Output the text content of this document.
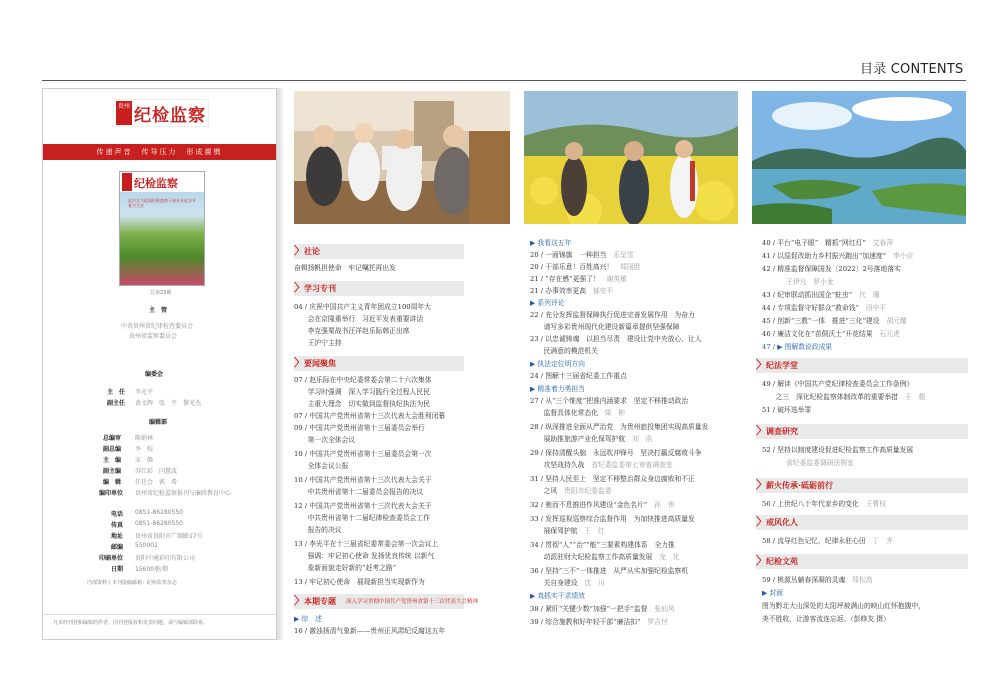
目录 CONTENTS
贵州 纪检监察
传递声音　传导压力　形成震慑
纪检监察
返兴全力提高纪检监察干部专业化水平 复兴大业
总第23期
主　管
中共贵州省纪律检查委员会
贵州省监察委员会
编委会
主　任 李光平
副主任 黄文辉　张　平　黎光杰
编辑部
总编审 陈娟林
副总编 李　校
主　编 宋　静
副主编 苏红彩　闫慧波
编　辑 任廷会　郭　希
编印单位 贵州省纪检监察报刊与廉政教育中心
电话 0851-86280550
传真 0851-86280550
地址 贵州省贵阳市广顺路17号
邮编 550002
印刷单位 贵阳中通彩印有限公司
日期 15600册/期
内部资料 / 本刊投稿邮箱：纪检监察杂志
凡未经刊登和编辑的作者，因刊登版权和发表问题，请与编辑部联系。
〉 社论
奋楫扬帆担使命　牢记嘱托再出发
〉 学习专刊
04 / 庆祝中国共产主义青年团成立100周年大
　　会在京隆重举行　习近平发表重要讲话
　　李克强栗战书汪洋赵乐际韩正出席
　　王沪宁主持
〉 要闻聚焦
07 / 赵乐际在中央纪委常委会第二十六次集体
　　学习时强调　深入学习践行全过程人民民
　　主重大理念　切实做到监督执纪执法为民
07 / 中国共产党贵州省第十三次代表大会胜利闭幕
09 / 中国共产党贵州省第十三届委员会举行
　　第一次全体会议
10 / 中国共产党贵州省第十三届委员会第一次
　　全体会议公报
10 / 中国共产党贵州省第十三次代表大会关于
　　中共贵州省第十二届委员会报告的决议
12 / 中国共产党贵州省第十三次代表大会关于
　　中共贵州省第十二届纪律检查委员会工作
　　报告的决议
13 / 李光平在十三届省纪委常委会第一次会议上
　　强调：牢记初心使命 发扬优良传统 以新气
　　象新面貌走好新的“赶考之路”
13 / 牢记初心使命　展现新担当实现新作为
〉 本期专题 深入学习贯彻中国共产党贵州省第十三次代表大会精神
▶ 综　述
16 / 激浊扬清气象新——贵州正风肃纪反腐这五年
▶ 我看这五年
20 / 一面锦旗　一种担当　 乐呈雪
20 / 干部乐意！百姓高兴！　 郑国胜
21 / “存在感”更强了！　 谢英敏
21 / 办事效率更高　 郁安平
▶ 系列评论
22 / 充分发挥监督保障执行促进完善发展作用　为奋力
　　谱写多彩贵州现代化建设新篇章提供坚强保障
23 / 以忠诚铸魂　以担当尽责　建设让党中央放心、让人
　　民满意的模范机关
▶ 执法定位明方向
24 / 图解十三届省纪委工作重点
▶ 精准着力勇担当
27 / 从“三个维度”把准内涵要求　坚定不移推动政治
　　监督具体化常态化　 梁　彬
28 / 纵深推进全面从严治党　为贵州旅投集团实现高质量发
　　展助推旅游产业化保驾护航　 刘　浩
29 / 保持清醒头脑　永远吹冲锋号　坚决打赢反腐败斗争
　　攻坚战持久战　 省纪委监委第七审查调查室
31 / 坚持人民至上　坚定不移整治群众身边腐败和不正
　　之风　 贵阳市纪委监委
32 / 驰而不息推进作风建设“金色名片”　 孙　伟
33 / 发挥巡视巡察综合监督作用　为加快推进高质量发
　　展保驾护航　 王　红
34 / 贯彻“人”“治”“能”三要素构建体系　全力推
　　动派驻财大纪检监察工作高质量发展　 龙　化
36 / 坚持“三不”一体推进　从严从实加强纪检监察机
　　关自身建设　 沈　川
▶ 真抓实干求绩效
38 / 紧盯“关键少数”加强“一把手”监督　 张仙凤
39 / 综合施教和好年轻干部“廉洁扣”　 罗吉付
40 / 平台“电子眼”　精抓“网红灯”　 艾春萍
41 / 以巡促改助力乡村振兴跑出“加速度”　 李小应
42 / 精准监督保障国发〔2022〕2号落地落实
王伊凡　罗小龙
43 / 纪审联动抓出国企“蛀虫”　 代　珊
44 / 专项监督守好群众“救命钱”　 田中平
45 / 创新“三教”一体　推进“三化”建设　 胡元耀
46 / 廉洁文化在“苗侗沃土”开花结果　 石元虎
47 / ▶ 图解数说政成果
〉 纪法学堂
49 / 解读《中国共产党纪律检查委员会工作条例》
　　之三　深化纪检监察体制改革的重要举措　 王　超
51 / 破坏选举罪
〉 调查研究
52 / 坚持以制度建设促进纪检监察工作高质量发展
省纪委监委调研法规室
〉 薪火传承·砥砺前行
56 / 上世纪八十年代家乡的变化　 王曹权
〉 戒风化人
58 / 流导红色记忆，纪律永驻心田　 丁　齐
〉 纪检文苑
59 / 桃源丛躺春深凝的灵魂　 郑松高
▶ 封面
图为黔北大山深处的太阳坪被满山的映山红怀抱腹中，
美不胜收，让游客流连忘返。（彭修友 摄）
